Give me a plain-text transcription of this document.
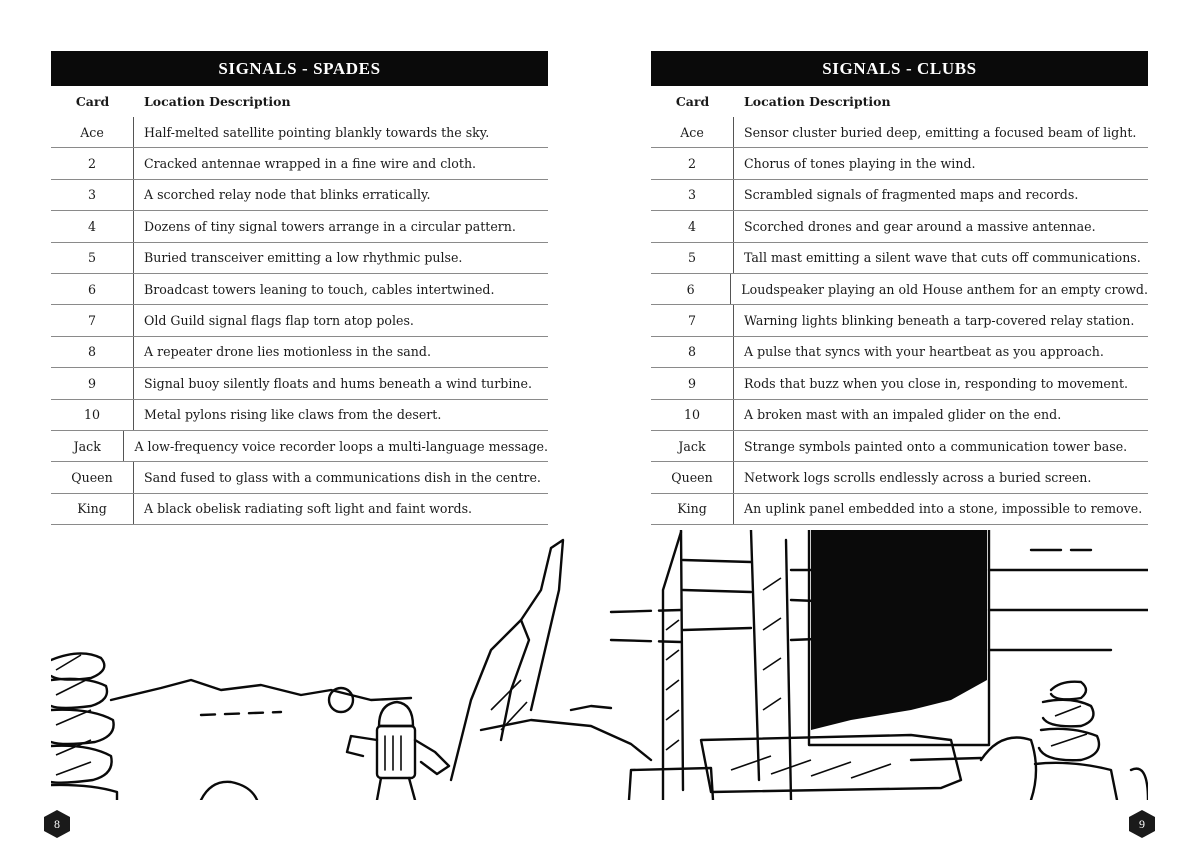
SIGNALS - SPADES
Card	Location Description
Ace	Half-melted satellite pointing blankly towards the sky.
2	Cracked antennae wrapped in a fine wire and cloth.
3	A scorched relay node that blinks erratically.
4	Dozens of tiny signal towers arrange in a circular pattern.
5	Buried transceiver emitting a low rhythmic pulse.
6	Broadcast towers leaning to touch, cables intertwined.
7	Old Guild signal flags flap torn atop poles.
8	A repeater drone lies motionless in the sand.
9	Signal buoy silently floats and hums beneath a wind turbine.
10	Metal pylons rising like claws from the desert.
Jack	A low-frequency voice recorder loops a multi-language message.
Queen	Sand fused to glass with a communications dish in the centre.
King	A black obelisk radiating soft light and faint words.
SIGNALS - CLUBS
Card	Location Description
Ace	Sensor cluster buried deep, emitting a focused beam of light.
2	Chorus of tones playing in the wind.
3	Scrambled signals of fragmented maps and records.
4	Scorched drones and gear around a massive antennae.
5	Tall mast emitting a silent wave that cuts off communications.
6	Loudspeaker playing an old House anthem for an empty crowd.
7	Warning lights blinking beneath a tarp-covered relay station.
8	A pulse that syncs with your heartbeat as you approach.
9	Rods that buzz when you close in, responding to movement.
10	A broken mast with an impaled glider on the end.
Jack	Strange symbols painted onto a communication tower base.
Queen	Network logs scrolls endlessly across a buried screen.
King	An uplink panel embedded into a stone, impossible to remove.
8	9
